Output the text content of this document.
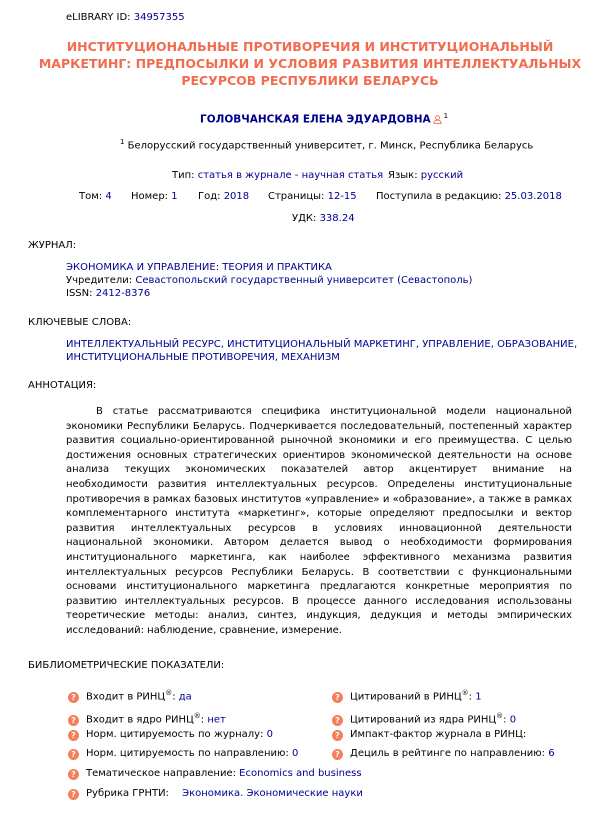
eLIBRARY ID: 34957355
ИНСТИТУЦИОНАЛЬНЫЕ ПРОТИВОРЕЧИЯ И ИНСТИТУЦИОНАЛЬНЫЙ МАРКЕТИНГ: ПРЕДПОСЫЛКИ И УСЛОВИЯ РАЗВИТИЯ ИНТЕЛЛЕКТУАЛЬНЫХ РЕСУРСОВ РЕСПУБЛИКИ БЕЛАРУСЬ
ГОЛОВЧАНСКАЯ ЕЛЕНА ЭДУАРДОВНА $^1$
$^1$ Белорусский государственный университет, г. Минск, Республика Беларусь
Тип: статья в журнале - научная статья Язык: русский
Том: 4 Номер: 1 Год: 2018 Страницы: 12-15 Поступила в редакцию: 25.03.2018
УДК: 338.24
ЖУРНАЛ:
ЭКОНОМИКА И УПРАВЛЕНИЕ: ТЕОРИЯ И ПРАКТИКА
Учредители: Севастопольский государственный университет (Севастополь)
ISSN: 2412-8376
КЛЮЧЕВЫЕ СЛОВА:
ИНТЕЛЛЕКТУАЛЬНЫЙ РЕСУРС, ИНСТИТУЦИОНАЛЬНЫЙ МАРКЕТИНГ, УПРАВЛЕНИЕ, ОБРАЗОВАНИЕ,
ИНСТИТУЦИОНАЛЬНЫЕ ПРОТИВОРЕЧИЯ, МЕХАНИЗМ
АННОТАЦИЯ:
В статье рассматриваются специфика институциональной модели национальной экономики Республики Беларусь. Подчеркивается последовательный, постепенный характер развития социально-ориентированной рыночной экономики и его преимущества. С целью достижения основных стратегических ориентиров экономической деятельности на основе анализа текущих экономических показателей автор акцентирует внимание на необходимости развития интеллектуальных ресурсов. Определены институциональные противоречия в рамках базовых институтов «управление» и «образование», а также в рамках комплементарного института «маркетинг», которые определяют предпосылки и вектор развития интеллектуальных ресурсов в условиях инновационной деятельности национальной экономики. Автором делается вывод о необходимости формирования институционального маркетинга, как наиболее эффективного механизма развития интеллектуальных ресурсов Республики Беларусь. В соответствии с функциональными основами институционального маркетинга предлагаются конкретные мероприятия по развитию интеллектуальных ресурсов. В процессе данного исследования использованы теоретические методы: анализ, синтез, индукция, дедукция и методы эмпирических исследований: наблюдение, сравнение, измерение.
БИБЛИОМЕТРИЧЕСКИЕ ПОКАЗАТЕЛИ:
? Входит в РИНЦ®: да
? Входит в ядро РИНЦ®: нет
? Норм. цитируемость по журналу: 0
? Норм. цитируемость по направлению: 0
? Тематическое направление: Economics and business
? Рубрика ГРНТИ: Экономика. Экономические науки
? Цитирований в РИНЦ®: 1
? Цитирований из ядра РИНЦ®: 0
? Импакт-фактор журнала в РИНЦ:
? Дециль в рейтинге по направлению: 6
